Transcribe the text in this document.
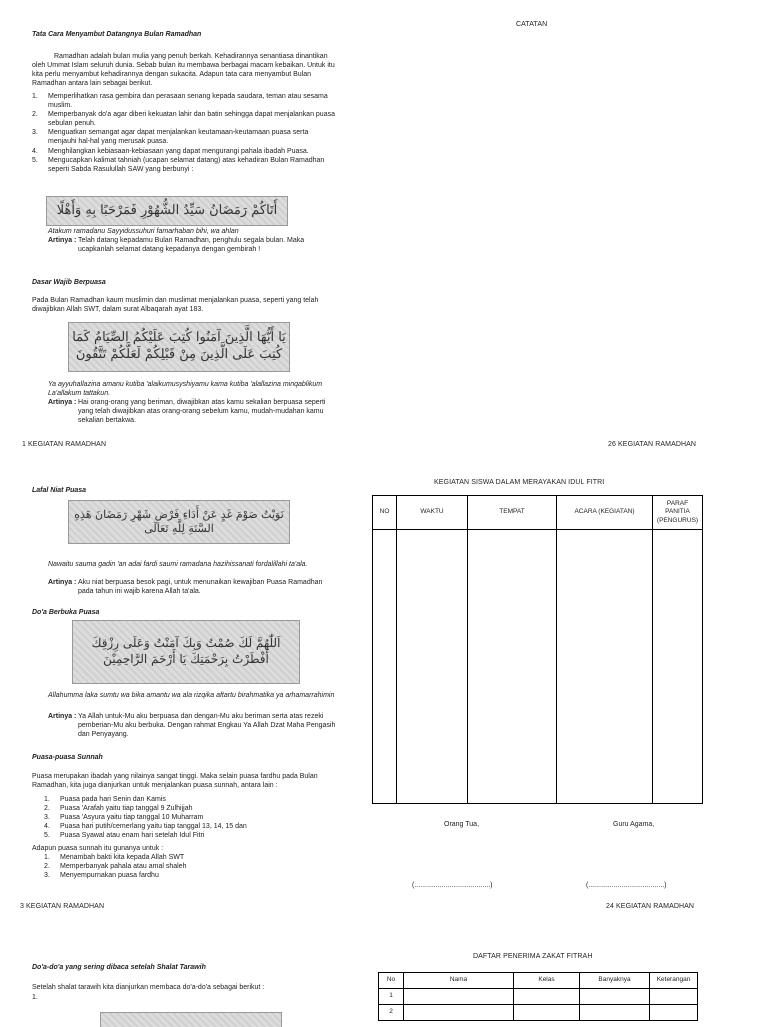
Tata Cara Menyambut Datangnya Bulan Ramadhan

Ramadhan adalah bulan mulia yang penuh berkah. Kehadirannya senantiasa dinantikan oleh Ummat Islam seluruh dunia. Sebab bulan itu membawa berbagai macam kebaikan. Untuk itu kita perlu menyambut kehadirannya dengan sukacita. Adapun tata cara menyambut Bulan Ramadhan antara lain sebagai berikut.

1.	Memperlihatkan rasa gembira dan perasaan senang kepada saudara, teman atau sesama muslim.
2.	Memperbanyak do'a agar diberi kekuatan lahir dan batin sehingga dapat menjalankan puasa sebulan penuh.
3.	Menguatkan semangat agar dapat menjalankan keutamaan-keutamaan puasa serta menjauhi hal-hal yang merusak puasa.
4.	Menghilangkan kebiasaan-kebiasaan yang dapat mengurangi pahala ibadah Puasa.
5.	Mengucapkan kalimat tahniah (ucapan selamat datang) atas kehadiran Bulan Ramadhan seperti Sabda Rasulullah SAW yang berbunyi :
أَتَاكُمْ رَمَضَانُ سَيِّدُ الشُّهُوْرِ فَمَرْحَبًا بِهِ وَأَهْلًا

Atakum ramadanu Sayyidussuhuri famarhaban bihi, wa ahlan

Artinya : Telah datang kepadamu Bulan Ramadhan, penghulu segala bulan. Maka ucapkanlah selamat datang kepadanya dengan gembirah !
Dasar Wajib Berpuasa

Pada Bulan Ramadhan kaum muslimin dan muslimat menjalankan puasa, seperti yang telah diwajibkan Allah SWT, dalam surat Albaqarah ayat 183.

يَا أَيُّهَا الَّذِينَ آمَنُوا كُتِبَ عَلَيْكُمُ الصِّيَامُ كَمَا
كُتِبَ عَلَى الَّذِينَ مِنْ قَبْلِكُمْ لَعَلَّكُمْ تَتَّقُونَ

Ya ayyuhallazina amanu kutiba 'alaikumusyshiyamu kama kutiba 'alallazina minqablikum La'allakum tattakun.

Artinya : Hai orang-orang yang beriman, diwajibkan atas kamu sekalian berpuasa seperti yang telah diwajibkan atas orang-orang sebelum kamu, mudah-mudahan kamu sekalian bertakwa.
1 KEGIATAN RAMADHAN
CATATAN
26 KEGIATAN RAMADHAN
Lafal Niat Puasa
نَوَيْتُ صَوْمَ غَدٍ عَنْ أَدَاءِ فَرْضِ شَهْرِ رَمَضَانَ هَذِهِ السَّنَةِ لِلَّهِ تَعَالَى

Nawaitu sauma gadin 'an adai fardi saumi ramadana hazihissanati fordalillahi ta'ala.

Artinya : Aku niat berpuasa besok pagi, untuk menunaikan kewajiban Puasa Ramadhan pada tahun ini wajib karena Allah ta'ala.
Do'a Berbuka Puasa
اَللّٰهُمَّ لَكَ صُمْتُ وَبِكَ آمَنْتُ وَعَلَى رِزْقِكَ أَفْطَرْتُ بِرَحْمَتِكَ يَا أَرْحَمَ الرَّاحِمِيْنَ

Allahumma laka sumtu wa bika amantu wa ala rizqika aftartu birahmatika ya arhamarrahimin

Artinya : Ya Allah untuk-Mu aku berpuasa dan dengan-Mu aku beriman serta atas rezeki pemberian-Mu aku berbuka. Dengan rahmat Engkau Ya Allah Dzat Maha Pengasih dan Penyayang.
Puasa-puasa Sunnah

Puasa merupakan ibadah yang nilainya sangat tinggi. Maka selain puasa fardhu pada Bulan Ramadhan, kita juga dianjurkan untuk menjalankan puasa sunnah, antara lain :

1.	Puasa pada hari Senin dan Kamis
2.	Puasa 'Arafah yaitu tiap tanggal 9 Zulhijjah
3.	Puasa 'Asyura yaitu tiap tanggal 10 Muharram
4.	Puasa hari putih/cemerlang yaitu tiap tanggal 13, 14, 15 dan
5.	Puasa Syawal atau enam hari setelah Idul Fitri

Adapun puasa sunnah itu gunanya untuk :

1.	Menambah bakti kita kepada Allah SWT
2.	Memperbanyak pahala atau amal shaleh
3.	Menyempurnakan puasa fardhu
3 KEGIATAN RAMADHAN
KEGIATAN SISWA DALAM MERAYAKAN IDUL FITRI
NO	WAKTU	TEMPAT	ACARA (KEGIATAN)	PARAF PANITIA (PENGURUS)

Orang Tua,	Guru Agama,
(.......................................)	(.......................................)
24 KEGIATAN RAMADHAN
Do'a-do'a yang sering dibaca setelah Shalat Tarawih

Setelah shalat tarawih kita dianjurkan membaca do'a-do'a sebagai berikut :

1.

DAFTAR PENERIMA ZAKAT FITRAH
No	Nama	Kelas	Banyaknya	Keterangan
1				
2				
